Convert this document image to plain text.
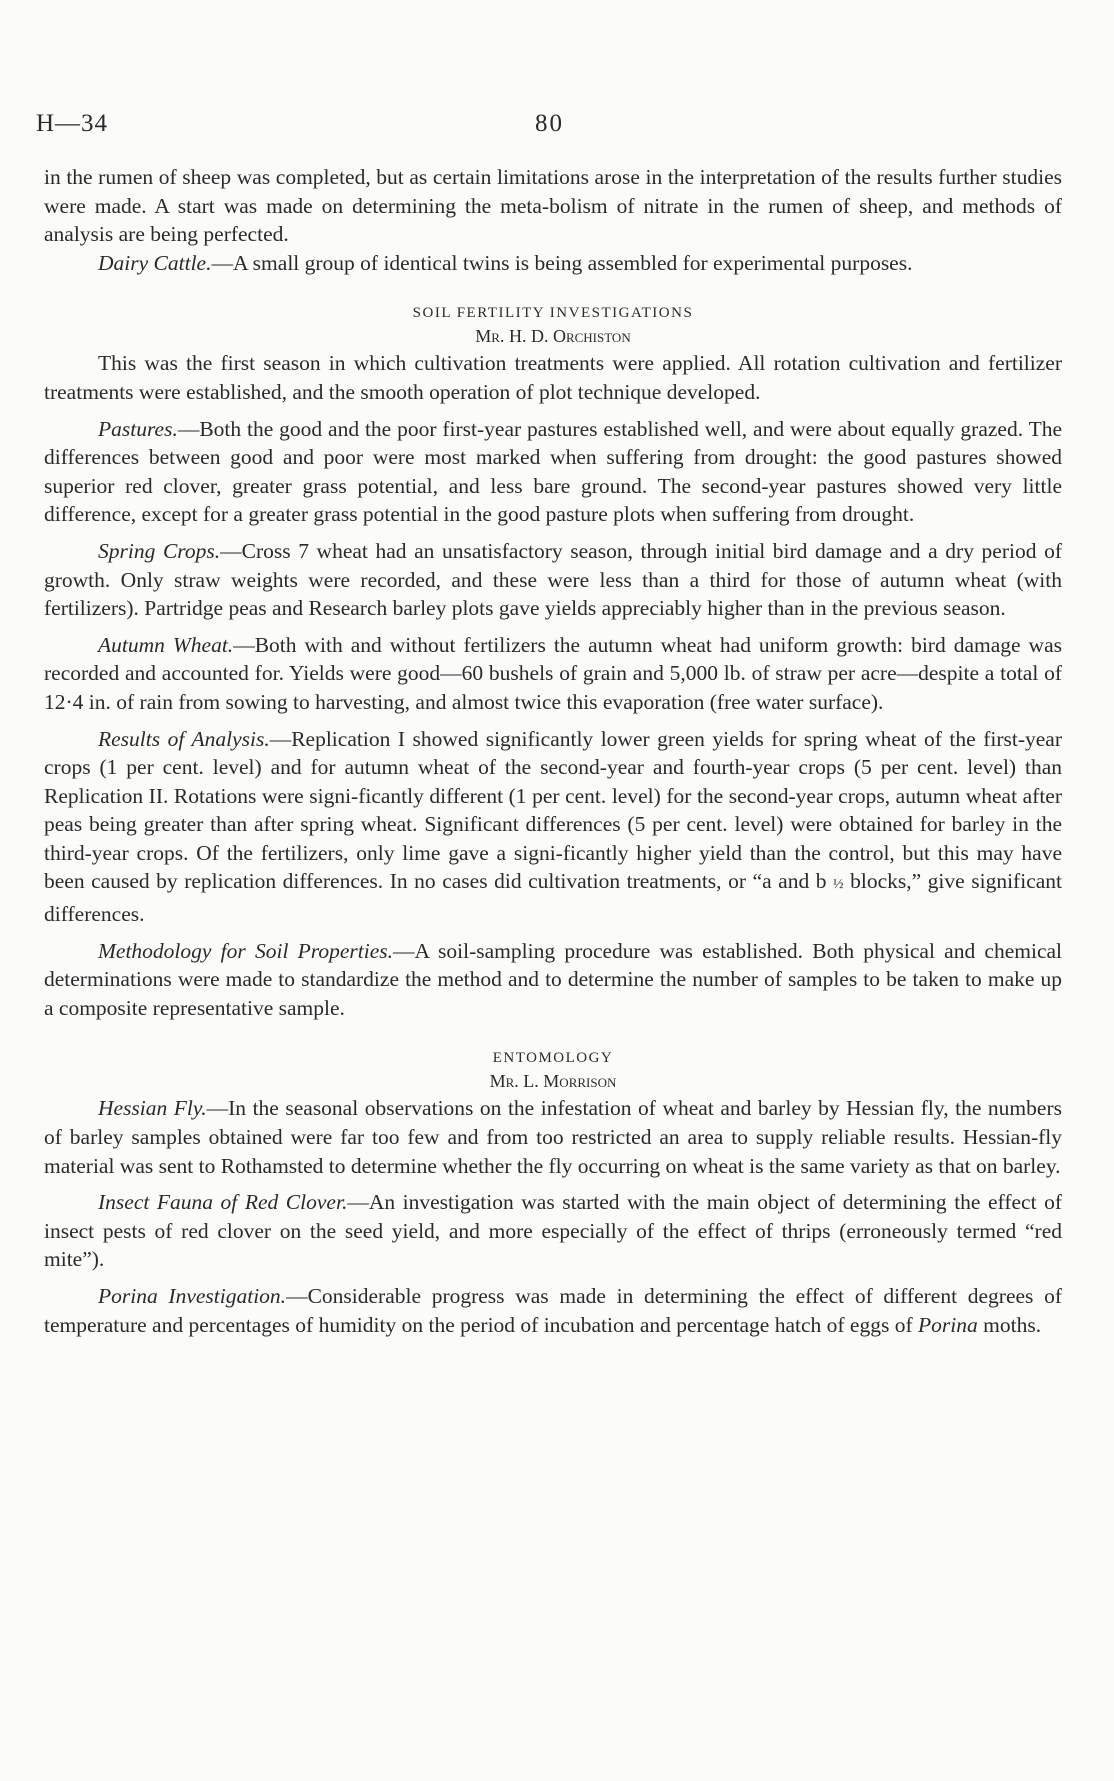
H—34	80

in the rumen of sheep was completed, but as certain limitations arose in the interpretation of the results further studies were made. A start was made on determining the meta-bolism of nitrate in the rumen of sheep, and methods of analysis are being perfected.

Dairy Cattle.—A small group of identical twins is being assembled for experimental purposes.

SOIL FERTILITY INVESTIGATIONS
Mr. H. D. Orchiston

This was the first season in which cultivation treatments were applied. All rotation cultivation and fertilizer treatments were established, and the smooth operation of plot technique developed.

Pastures.—Both the good and the poor first-year pastures established well, and were about equally grazed. The differences between good and poor were most marked when suffering from drought: the good pastures showed superior red clover, greater grass potential, and less bare ground. The second-year pastures showed very little difference, except for a greater grass potential in the good pasture plots when suffering from drought.

Spring Crops.—Cross 7 wheat had an unsatisfactory season, through initial bird damage and a dry period of growth. Only straw weights were recorded, and these were less than a third for those of autumn wheat (with fertilizers). Partridge peas and Research barley plots gave yields appreciably higher than in the previous season.

Autumn Wheat.—Both with and without fertilizers the autumn wheat had uniform growth: bird damage was recorded and accounted for. Yields were good—60 bushels of grain and 5,000 lb. of straw per acre—despite a total of 12·4 in. of rain from sowing to harvesting, and almost twice this evaporation (free water surface).

Results of Analysis.—Replication I showed significantly lower green yields for spring wheat of the first-year crops (1 per cent. level) and for autumn wheat of the second-year and fourth-year crops (5 per cent. level) than Replication II. Rotations were signi-ficantly different (1 per cent. level) for the second-year crops, autumn wheat after peas being greater than after spring wheat. Significant differences (5 per cent. level) were obtained for barley in the third-year crops. Of the fertilizers, only lime gave a signi-ficantly higher yield than the control, but this may have been caused by replication differences. In no cases did cultivation treatments, or “a and b ½ blocks,” give significant differences.

Methodology for Soil Properties.—A soil-sampling procedure was established. Both physical and chemical determinations were made to standardize the method and to determine the number of samples to be taken to make up a composite representative sample.

ENTOMOLOGY
Mr. L. Morrison

Hessian Fly.—In the seasonal observations on the infestation of wheat and barley by Hessian fly, the numbers of barley samples obtained were far too few and from too restricted an area to supply reliable results. Hessian-fly material was sent to Rothamsted to determine whether the fly occurring on wheat is the same variety as that on barley.

Insect Fauna of Red Clover.—An investigation was started with the main object of determining the effect of insect pests of red clover on the seed yield, and more especially of the effect of thrips (erroneously termed “red mite”).

Porina Investigation.—Considerable progress was made in determining the effect of different degrees of temperature and percentages of humidity on the period of incubation and percentage hatch of eggs of Porina moths.
